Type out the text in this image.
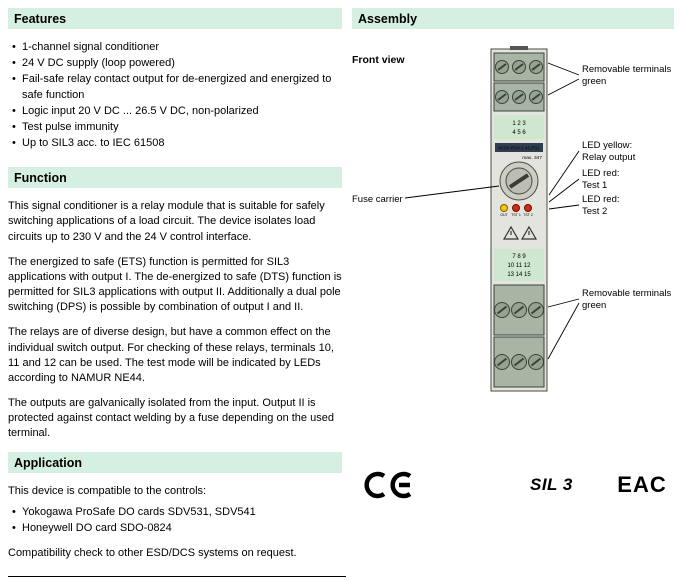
Features
• 1-channel signal conditioner
• 24 V DC supply (loop powered)
• Fail-safe relay contact output for de-energized and energized to safe function
• Logic input 20 V DC ... 26.5 V DC, non-polarized
• Test pulse immunity
• Up to SIL3 acc. to IEC 61508
Function

This signal conditioner is a relay module that is suitable for safely switching applications of a load circuit. The device isolates load circuits up to 230 V and the 24 V control interface.

The energized to safe (ETS) function is permitted for SIL3 applications with output I. The de-energized to safe (DTS) function is permitted for SIL3 applications with output II. Additionally a dual pole switching (DPS) is possible by combination of output I and II.

The relays are of diverse design, but have a common effect on the individual switch output. For checking of these relays, terminals 10, 11 and 12 can be used. The test mode will be indicated by LEDs according to NAMUR NE44.

The outputs are galvanically isolated from the input. Output II is protected against contact welding by a fuse depending on the used terminal.

Application

This device is compatible to the controls:

• Yokogawa ProSafe DO cards SDV531, SDV541
• Honeywell DO card SDO-0824

Compatibility check to other ESD/DCS systems on request.

Assembly
Front view
1 2 3
4 5 6
KFD0-RSH-1.4S.PS2
max. 347
OUT TST 1 TST 2
7 8 9
10 11 12
13 14 15
Removable terminals
green
LED yellow:
Relay output
LED red:
Test 1
LED red:
Test 2
Fuse carrier
Removable terminals
green
SIL 3 EAC
